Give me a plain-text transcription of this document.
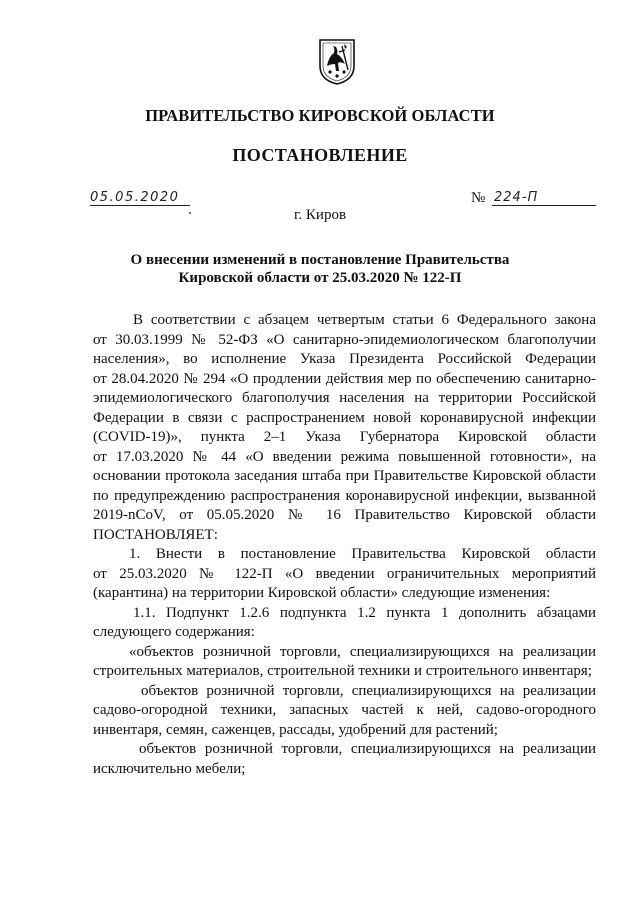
ПРАВИТЕЛЬСТВО КИРОВСКОЙ ОБЛАСТИ
ПОСТАНОВЛЕНИЕ
05.05.2020	№ 224-П
г. Киров
О внесении изменений в постановление Правительства
Кировской области от 25.03.2020 № 122-П

В соответствии с абзацем четвертым статьи 6 Федерального закона

от 30.03.1999 № 52-ФЗ «О санитарно-эпидемиологическом благополучии

населения», во исполнение Указа Президента Российской Федерации

от 28.04.2020 № 294 «О продлении действия мер по обеспечению санитарно-

эпидемиологического благополучия населения на территории Российской

Федерации в связи с распространением новой коронавирусной инфекции

(COVID-19)», пункта 2–1 Указа Губернатора Кировской области

от 17.03.2020 № 44 «О введении режима повышенной готовности», на

основании протокола заседания штаба при Правительстве Кировской области

по предупреждению распространения коронавирусной инфекции, вызванной

2019-nCoV, от 05.05.2020 № 16 Правительство Кировской области

ПОСТАНОВЛЯЕТ:

1. Внести в постановление Правительства Кировской области

от 25.03.2020 № 122-П «О введении ограничительных мероприятий

(карантина) на территории Кировской области» следующие изменения:

1.1. Подпункт 1.2.6 подпункта 1.2 пункта 1 дополнить абзацами

следующего содержания:

«объектов розничной торговли, специализирующихся на реализации

строительных материалов, строительной техники и строительного инвентаря;

объектов розничной торговли, специализирующихся на реализации

садово-огородной техники, запасных частей к ней, садово-огородного

инвентаря, семян, саженцев, рассады, удобрений для растений;

объектов розничной торговли, специализирующихся на реализации

исключительно мебели;
